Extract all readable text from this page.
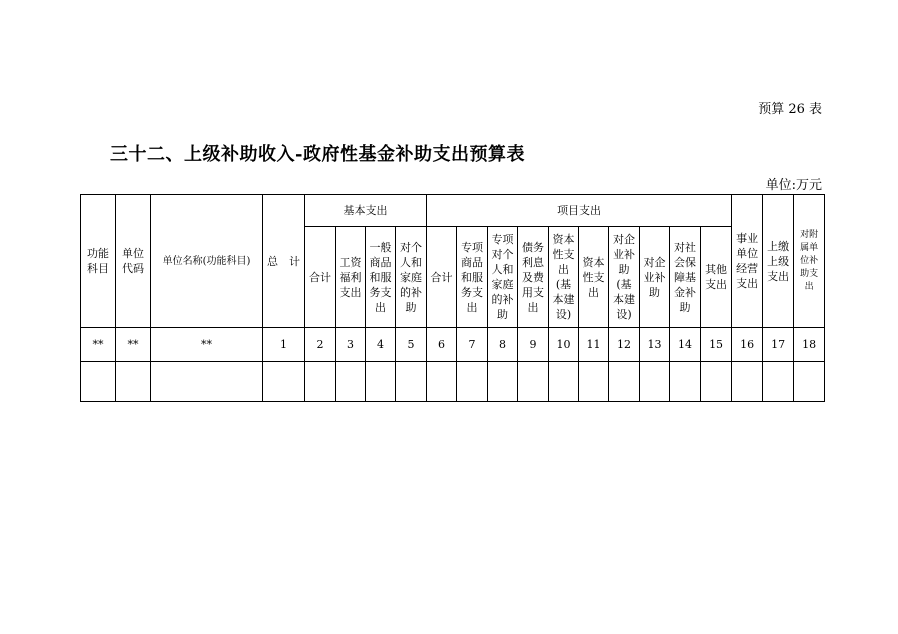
预算 26 表
三十二、上级补助收入-政府性基金补助支出预算表
单位:万元
功能科目	单位代码	单位名称(功能科目)	总　计	基本支出				项目支出										事业单位经营支出	上缴上级支出	对附属单位补助支出
				合计	工资福利支出	一般商品和服务支出	对个人和家庭的补助	合计	专项商品和服务支出	专项对个人和家庭的补助	债务利息及费用支出	资本性支出(基本建设)	资本性支出	对企业补助(基本建设)	对企业补助	对社会保障基金补助	其他支出			
**	**	**	1	2	3	4	5	6	7	8	9	10	11	12	13	14	15	16	17	18
